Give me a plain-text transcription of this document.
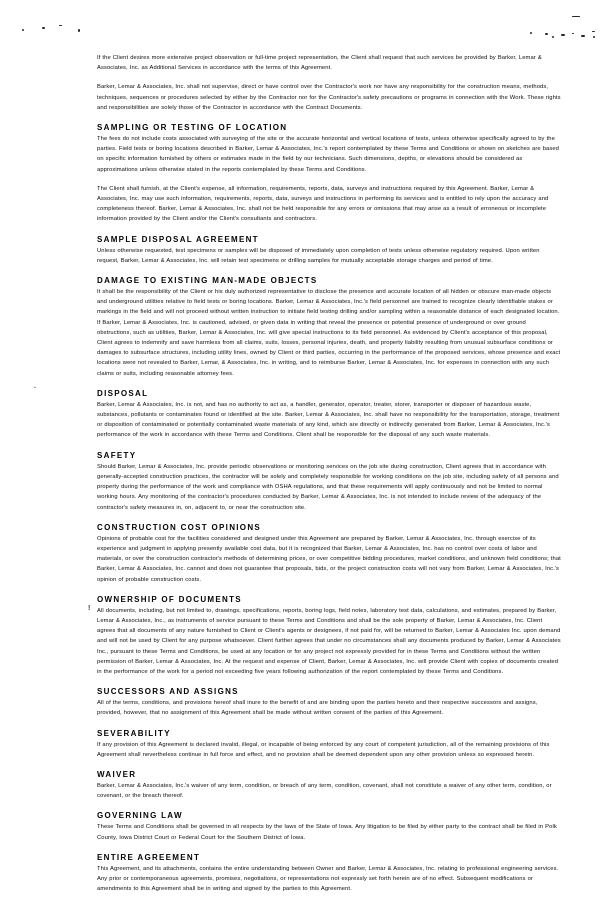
.
!

If the Client desires more extensive project observation or full-time project representation, the Client shall request that such services be provided by Barker, Lemar & Associates, Inc. as Additional Services in accordance with the terms of this Agreement.

Barker, Lemar & Associates, Inc. shall not supervise, direct or have control over the Contractor's work nor have any responsibility for the construction means, methods, techniques, sequences or procedures selected by either by the Contractor nor for the Contractor's safety precautions or programs in connection with the Work. These rights and responsibilities are solely those of the Contractor in accordance with the Contract Documents.

SAMPLING OR TESTING OF LOCATION

The fees do not include costs associated with surveying of the site or the accurate horizontal and vertical locations of tests, unless otherwise specifically agreed to by the parties. Field tests or boring locations described in Barker, Lemar & Associates, Inc.'s report contemplated by these Terms and Conditions or shown on sketches are based on specific information furnished by others or estimates made in the field by our technicians. Such dimensions, depths, or elevations should be considered as approximations unless otherwise stated in the reports contemplated by these Terms and Conditions.

The Client shall furnish, at the Client's expense, all information, requirements, reports, data, surveys and instructions required by this Agreement. Barker, Lemar & Associates, Inc. may use such information, requirements, reports, data, surveys and instructions in performing its services and is entitled to rely upon the accuracy and completeness thereof. Barker, Lemar & Associates, Inc. shall not be held responsible for any errors or omissions that may arise as a result of erroneous or incomplete information provided by the Client and/or the Client's consultants and contractors.

SAMPLE DISPOSAL AGREEMENT

Unless otherwise requested, test specimens or samples will be disposed of immediately upon completion of tests unless otherwise regulatory required. Upon written request, Barker, Lemar & Associates, Inc. will retain test specimens or drilling samples for mutually acceptable storage charges and period of time.

DAMAGE TO EXISTING MAN-MADE OBJECTS

It shall be the responsibility of the Client or his duly authorized representative to disclose the presence and accurate location of all hidden or obscure man-made objects and underground utilities relative to field tests or boring locations. Barker, Lemar & Associates, Inc.'s field personnel are trained to recognize clearly identifiable stakes or markings in the field and will not proceed without written instruction to initiate field testing drilling and/or sampling within a reasonable distance of each designated location. If Barker, Lemar & Associates, Inc. is cautioned, advised, or given data in writing that reveal the presence or potential presence of underground or over ground obstructions, such as utilities, Barker, Lemar & Associates, Inc. will give special instructions to its field personnel. As evidenced by Client's acceptance of this proposal, Client agrees to indemnify and save harmless from all claims, suits, losses, personal injuries, death, and property liability resulting from unusual subsurface conditions or damages to subsurface structures, including utility lines, owned by Client or third parties, occurring in the performance of the proposed services, whose presence and exact locations were not revealed to Barker, Lemar, & Associates, Inc. in writing, and to reimburse Barker, Lemar & Associates, Inc. for expenses in connection with any such claims or suits, including reasonable attorney fees.

DISPOSAL

Barker, Lemar & Associates, Inc. is not, and has no authority to act as, a handler, generator, operator, treater, storer, transporter or disposer of hazardous waste, substances, pollutants or contaminates found or identified at the site. Barker, Lemar & Associates, Inc. shall have no responsibility for the transportation, storage, treatment or disposition of contaminated or potentially contaminated waste materials of any kind, which are directly or indirectly generated from Barker, Lemar & Associates, Inc.'s performance of the work in accordance with these Terms and Conditions. Client shall be responsible for the disposal of any such waste materials.

SAFETY

Should Barker, Lemar & Associates, Inc. provide periodic observations or monitoring services on the job site during construction, Client agrees that in accordance with generally-accepted construction practices, the contractor will be solely and completely responsible for working conditions on the job site, including safety of all persons and property during the performance of the work and compliance with OSHA regulations, and that these requirements will apply continuously and not be limited to normal working hours. Any monitoring of the contractor's procedures conducted by Barker, Lemar & Associates, Inc. is not intended to include review of the adequacy of the contractor's safety measures in, on, adjacent to, or near the construction site.

CONSTRUCTION COST OPINIONS

Opinions of probable cost for the facilities considered and designed under this Agreement are prepared by Barker, Lemar & Associates, Inc. through exercise of its experience and judgment in applying presently available cost data, but it is recognized that Barker, Lemar & Associates, Inc. has no control over costs of labor and materials, or over the construction contractor's methods of determining prices, or over competitive bidding procedures, market conditions, and unknown field conditions; that Barker, Lemar & Associates, Inc. cannot and does not guarantee that proposals, bids, or the project construction costs will not vary from Barker, Lemar & Associates, Inc.'s opinion of probable construction costs.

OWNERSHIP OF DOCUMENTS

All documents, including, but not limited to, drawings, specifications, reports, boring logs, field notes, laboratory test data, calculations, and estimates, prepared by Barker, Lemar & Associates, Inc., as instruments of service pursuant to these Terms and Conditions and shall be the sole property of Barker, Lemar & Associates, Inc. Client agrees that all documents of any nature furnished to Client or Client's agents or designees, if not paid for, will be returned to Barker, Lemar & Associates Inc. upon demand and will not be used by Client for any purpose whatsoever. Client further agrees that under no circumstances shall any documents produced by Barker, Lemar & Associates Inc., pursuant to these Terms and Conditions, be used at any location or for any project not expressly provided for in these Terms and Conditions without the written permission of Barker, Lemar & Associates, Inc. At the request and expense of Client, Barker, Lemar & Associates, Inc. will provide Client with copies of documents created in the performance of the work for a period not exceeding five years following authorization of the report contemplated by these Terms and Conditions.

SUCCESSORS AND ASSIGNS

All of the terms, conditions, and provisions hereof shall inure to the benefit of and are binding upon the parties hereto and their respective successors and assigns, provided, however, that no assignment of this Agreement shall be made without written consent of the parties of this Agreement.

SEVERABILITY

If any provision of this Agreement is declared invalid, illegal, or incapable of being enforced by any court of competent jurisdiction, all of the remaining provisions of this Agreement shall nevertheless continue in full force and effect, and no provision shall be deemed dependent upon any other provision unless so expressed herein.

WAIVER

Barker, Lemar & Associates, Inc.'s waiver of any term, condition, or breach of any term, condition, covenant, shall not constitute a waiver of any other term, condition, or covenant, or the breach thereof.

GOVERNING LAW

These Terms and Conditions shall be governed in all respects by the laws of the State of Iowa. Any litigation to be filed by either party to the contract shall be filed in Polk County, Iowa District Court or Federal Court for the Southern District of Iowa.

ENTIRE AGREEMENT

This Agreement, and its attachments, contains the entire understanding between Owner and Barker, Lemar & Associates, Inc. relating to professional engineering services. Any prior or contemporaneous agreements, promises, negotiations, or representations not expressly set forth herein are of no effect. Subsequent modifications or amendments to this Agreement shall be in writing and signed by the parties to this Agreement.
